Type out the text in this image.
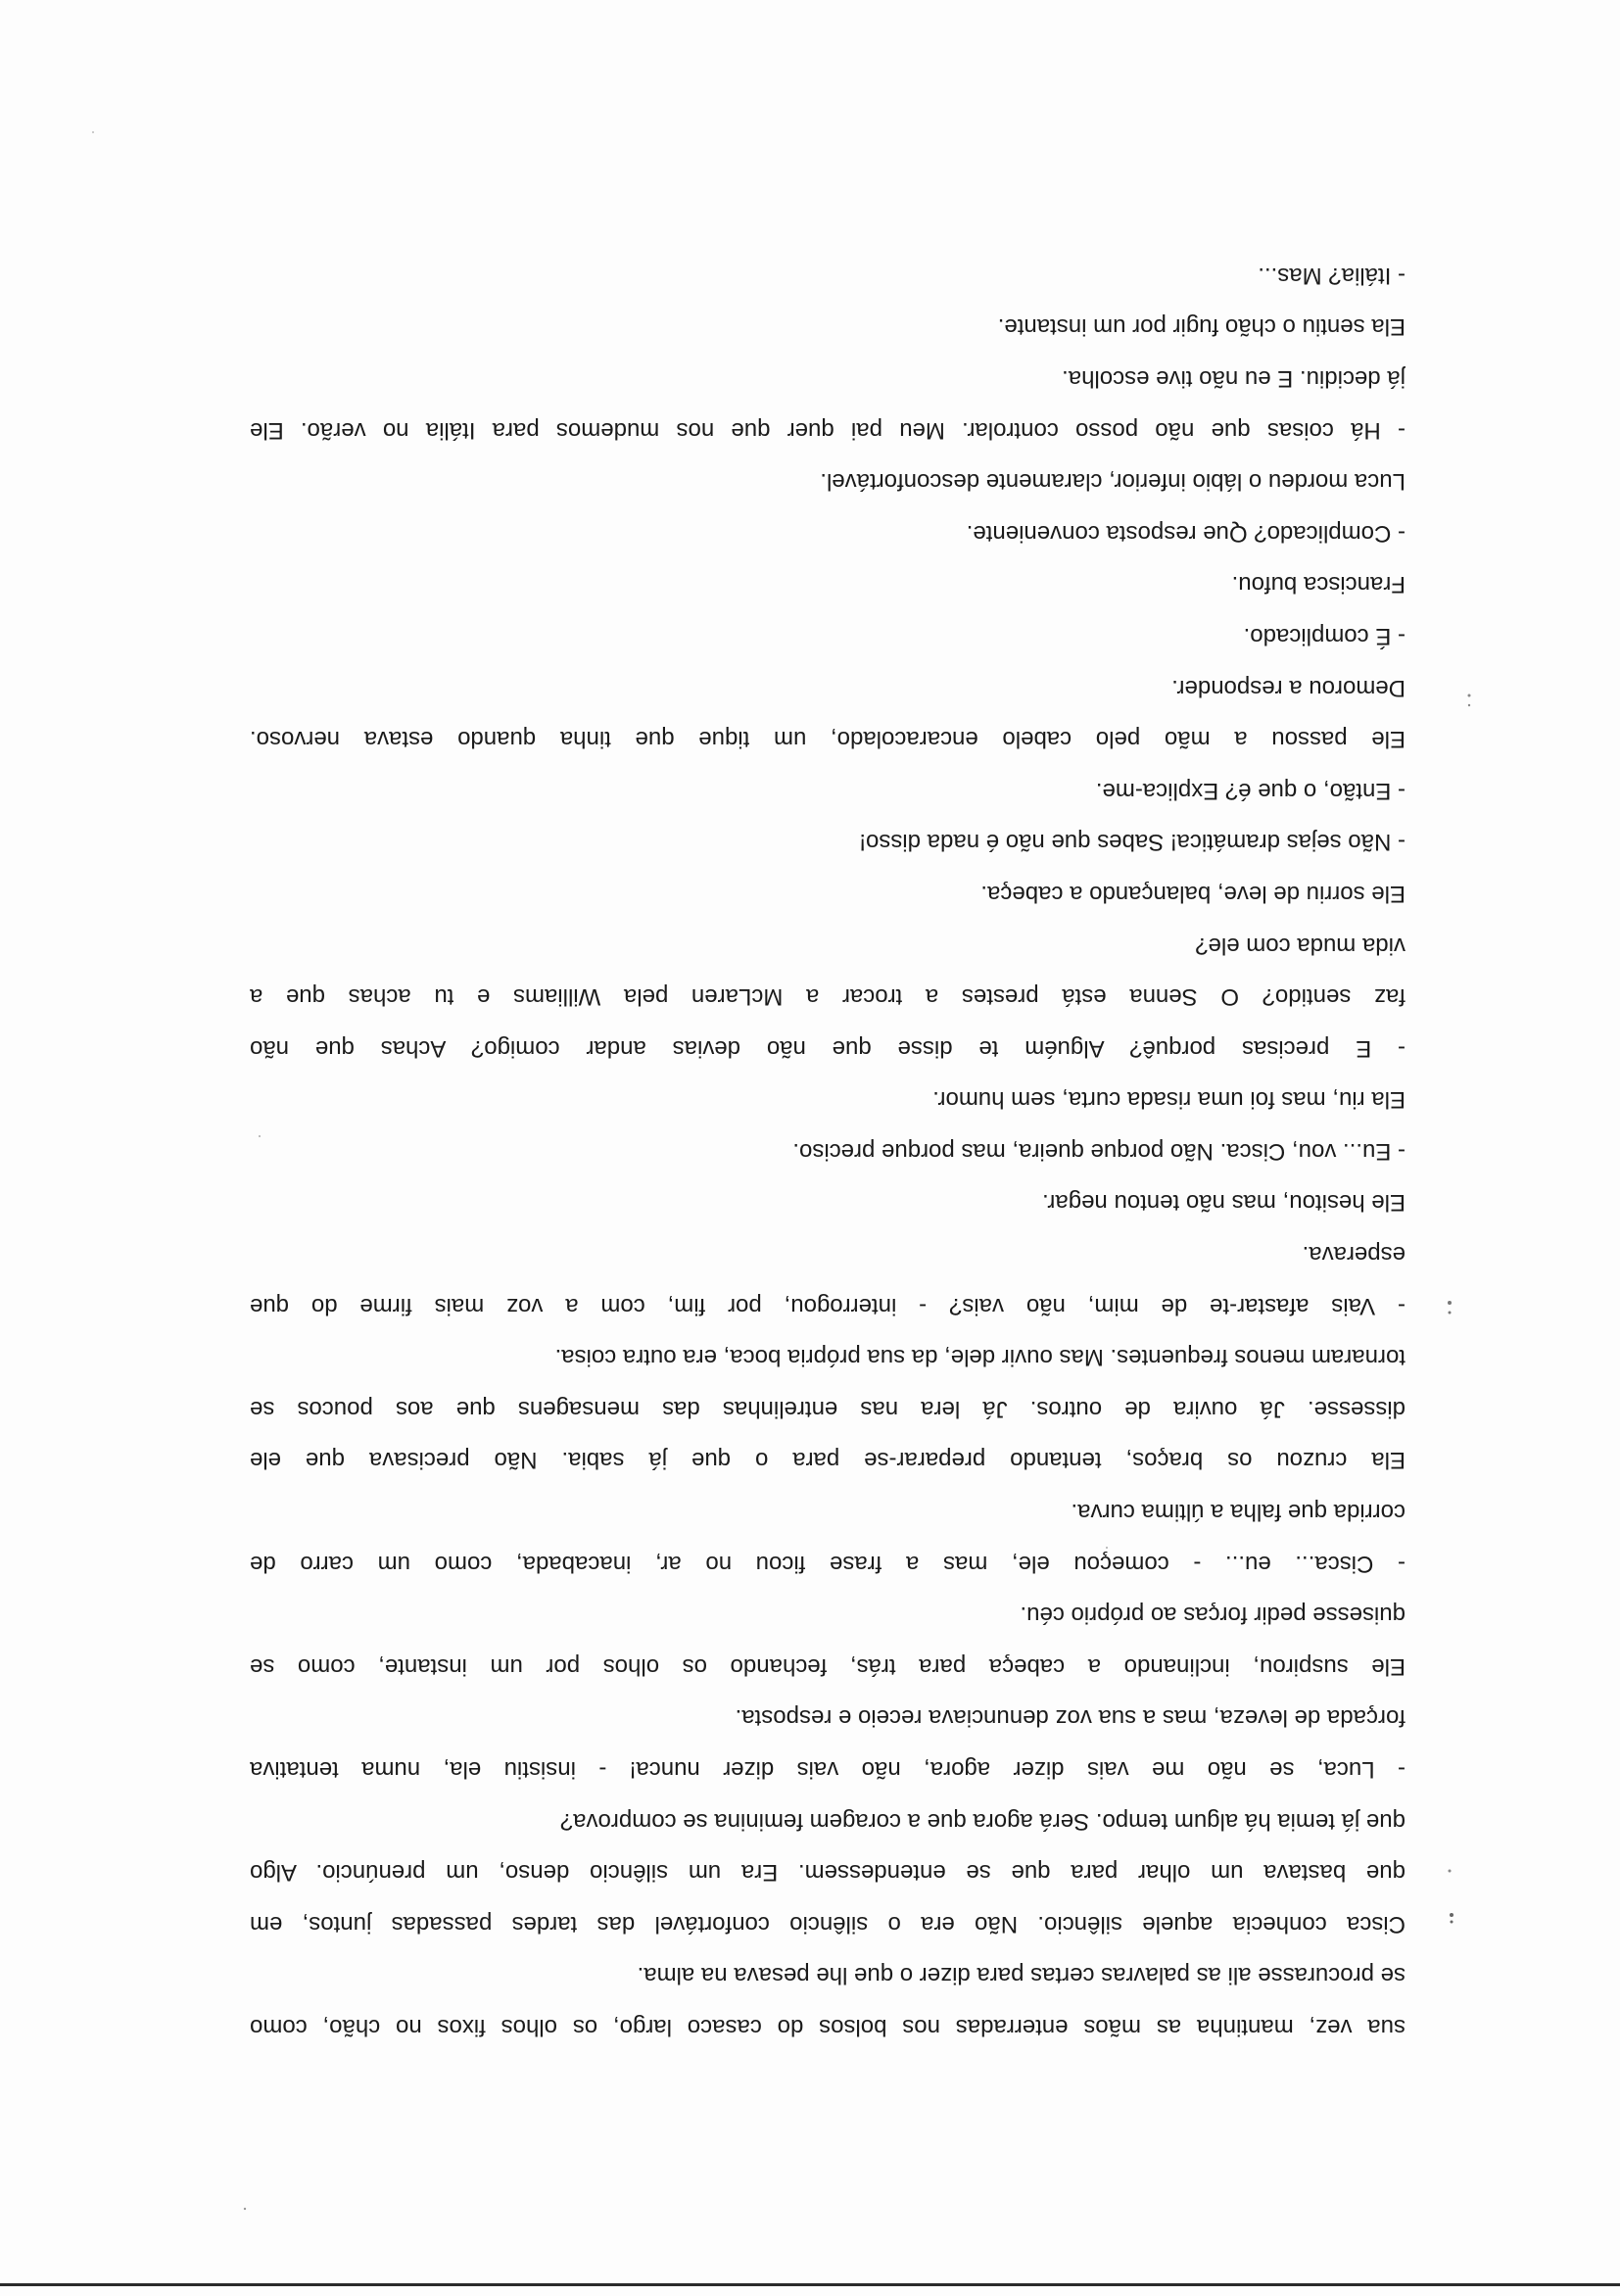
sua vez, mantinha as mãos enterradas nos bolsos do casaco largo, os olhos fixos no chão, como
se procurasse ali as palavras certas para dizer o que lhe pesava na alma.
Cisca conhecia aquele silêncio. Não era o silêncio confortável das tardes passadas juntos, em
que bastava um olhar para que se entendessem. Era um silêncio denso, um prenúncio. Algo
que já temia há algum tempo. Será agora que a coragem feminina se comprova?
- Luca, se não me vais dizer agora, não vais dizer nunca! - insistiu ela, numa tentativa
forçada de leveza, mas a sua voz denunciava receio e resposta.
Ele suspirou, inclinando a cabeça para trás, fechando os olhos por um instante, como se
quisesse pedir forças ao próprio céu.
- Cisca... eu... - começou ele, mas a frase ficou no ar, inacabada, como um carro de
corrida que falha a última curva.
Ela cruzou os braços, tentando preparar-se para o que já sabia. Não precisava que ele
dissesse. Já ouvira de outros. Já lera nas entrelinhas das mensagens que aos poucos se
tornaram menos frequentes. Mas ouvir dele, da sua própria boca, era outra coisa.
- Vais afastar-te de mim, não vais? - interrogou, por fim, com a voz mais firme do que
esperava.
Ele hesitou, mas não tentou negar.
- Eu... vou, Cisca. Não porque queira, mas porque preciso.
Ela riu, mas foi uma risada curta, sem humor.
- E precisas porquê? Alguém te disse que não devias andar comigo? Achas que não
faz sentido? O Senna está prestes a trocar a McLaren pela Williams e tu achas que a
vida muda com ele?
Ele sorriu de leve, balançando a cabeça.
- Não sejas dramática! Sabes que não é nada disso!
- Então, o que é? Explica-me.
Ele passou a mão pelo cabelo encaracolado, um tique que tinha quando estava nervoso.
Demorou a responder.
- É complicado.
Francisca bufou.
- Complicado? Que resposta conveniente.
Luca mordeu o lábio inferior, claramente desconfortável.
- Há coisas que não posso controlar. Meu pai quer que nos mudemos para Itália no verão. Ele
já decidiu. E eu não tive escolha.
Ela sentiu o chão fugir por um instante.
- Itália? Mas...
